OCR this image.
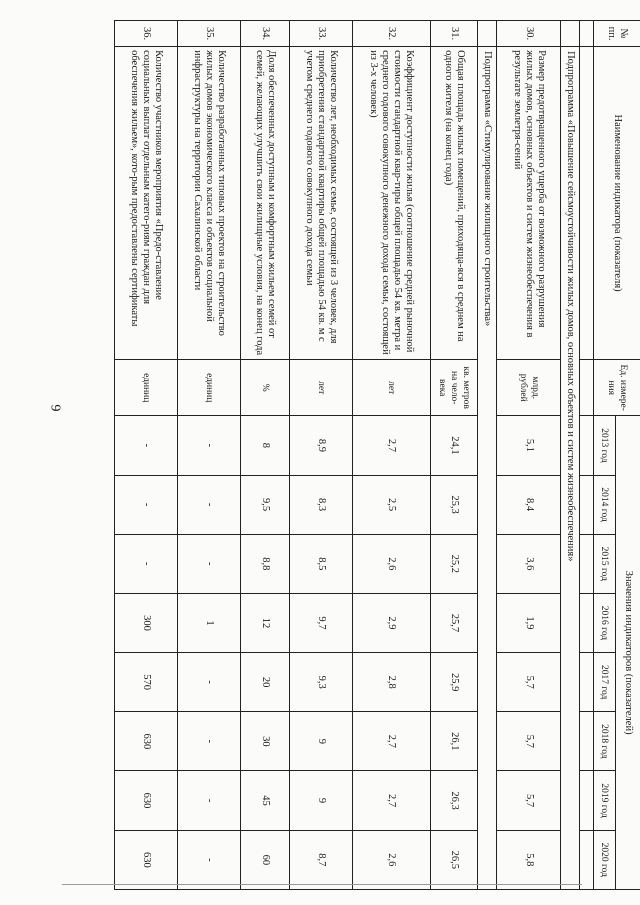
6
№ пп.	Наименование индикатора (показателя)	Ед. измере-ния	Значения индикаторов (показателей)							
			2013 год	2014 год	2015 год	2016 год	2017 год	2018 год	2019 год	2020 год

	Подпрограмма «Повышение сейсмоустойчивости жилых домов, основных объектов и систем жизнеобеспечения»									
30.	Размер предотвращенного ущерба от возможного разрушения жилых домов, основных объектов и систем жизнеобеспечения в результате землетря-сений	млрд. рублей	5,1	8,4	3,6	1,9	5,7	5,7	5,7	5,8
	Подпрограмма «Стимулирование жилищного строительства»									
31.	Общая площадь жилых помещений, приходяща-яся в среднем на одного жителя (на конец года)	кв. метров на чело-века	24,1	25,3	25,2	25,7	25,9	26,1	26,3	26,5
32.	Коэффициент доступности жилья (соотношение средней рыночной стоимости стандартной квар-тиры общей площадью 54 кв. метра и среднего годового совокупного денежного дохода семьи, состоящей из 3-х человек)	лет	2,7	2,5	2,6	2,9	2,8	2,7	2,7	2,6
33.	Количество лет, необходимых семье, состоящей из 3 человек, для приобретения стандартной квартиры общей площадью 54 кв. м с учетом среднего годового совокупного дохода семьи	лет	8,9	8,3	8,5	9,7	9,3	9	9	8,7
34.	Доля обеспеченных доступным и комфортным жильем семей от семей, желающих улучшить свои жилищные условия, на конец года	%	8	9,5	8,8	12	20	30	45	60
35.	Количество разработанных типовых проектов на строительство жилых домов экономического класса и объектов социальной инфраструктуры на территории Сахалинской области	единиц	-	-	-	1	-	-	-	-
36.	Количество участников мероприятия «Предо-ставление социальных выплат отдельным катего-риям граждан для обеспечения жильем», кото-рым предоставлены сертификаты	единиц	-	-	-	300	570	630	630	630
